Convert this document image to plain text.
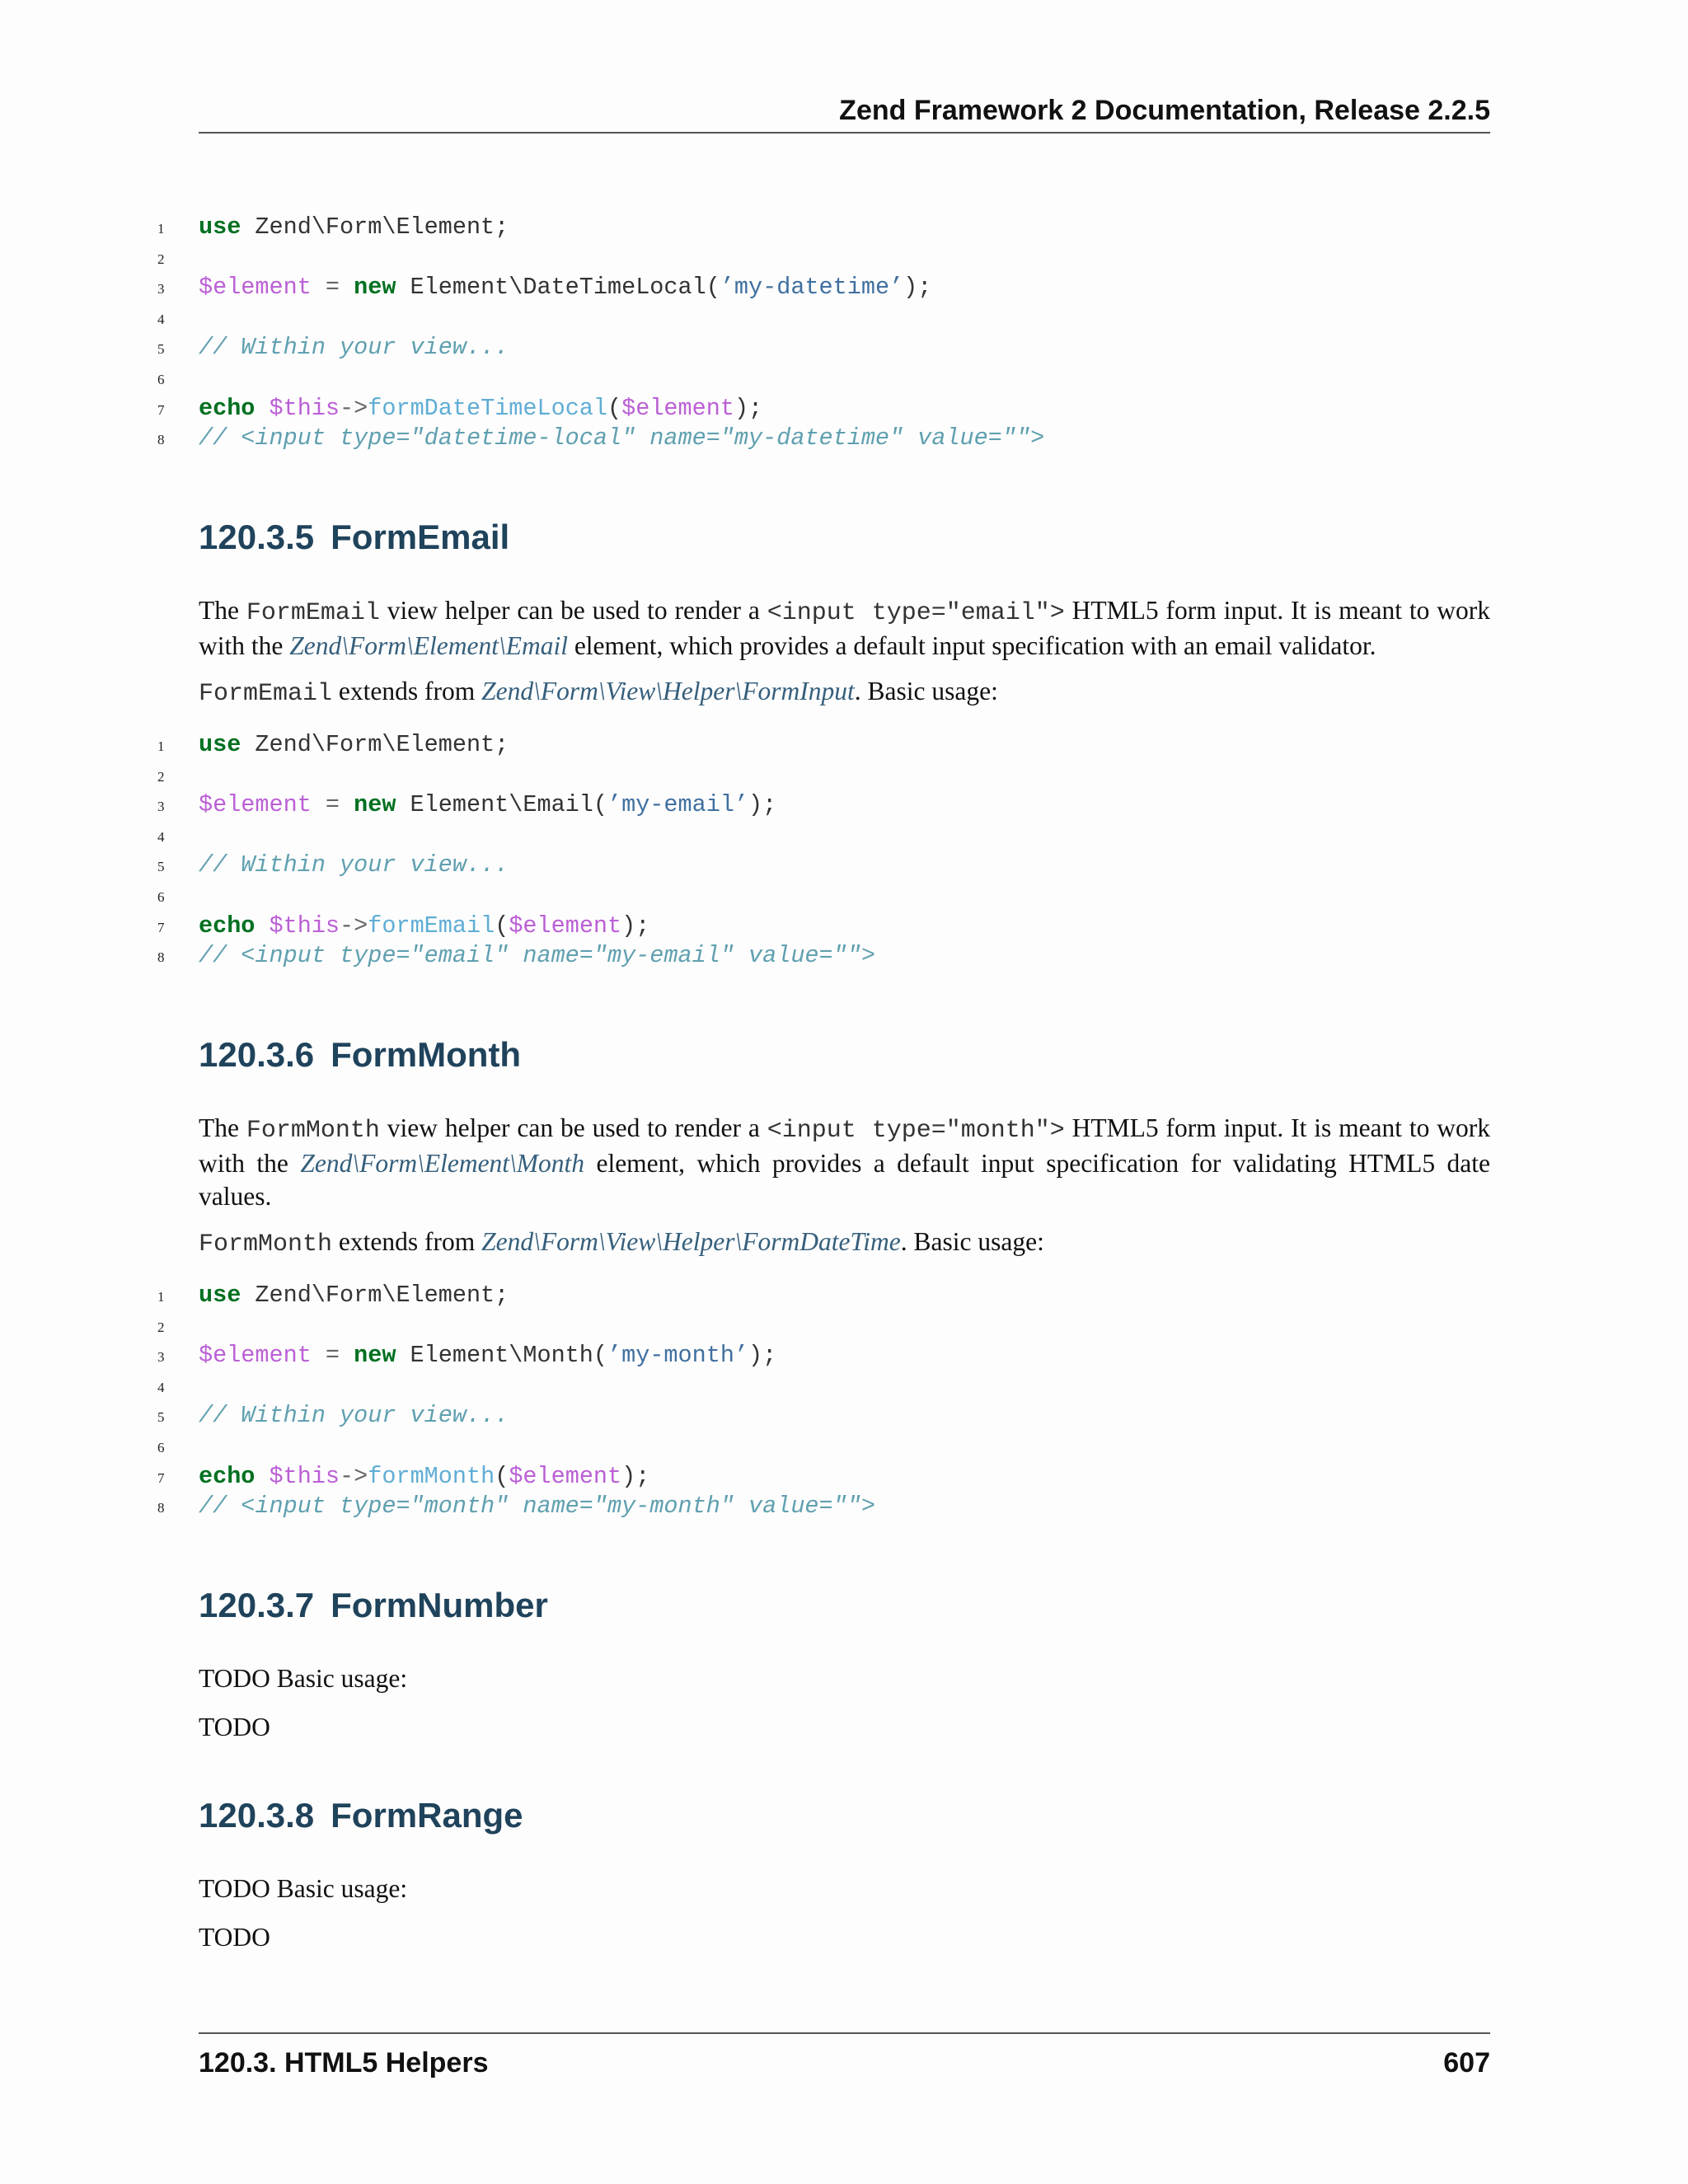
Zend Framework 2 Documentation, Release 2.2.5
1	use Zend\Form\Element;
2
3	$element = new Element\DateTimeLocal(’my-datetime’);
4
5	// Within your view...
6
7	echo $this->formDateTimeLocal($element);
8	// <input type="datetime-local" name="my-datetime" value="">
120.3.5 FormEmail
The FormEmail view helper can be used to render a <input type="email"> HTML5 form input. It is meant to work with the Zend\Form\Element\Email element, which provides a default input specification with an email validator.
FormEmail extends from Zend\Form\View\Helper\FormInput. Basic usage:
1	use Zend\Form\Element;
2
3	$element = new Element\Email(’my-email’);
4
5	// Within your view...
6
7	echo $this->formEmail($element);
8	// <input type="email" name="my-email" value="">
120.3.6 FormMonth
The FormMonth view helper can be used to render a <input type="month"> HTML5 form input. It is meant to work with the Zend\Form\Element\Month element, which provides a default input specification for validating HTML5 date values.
FormMonth extends from Zend\Form\View\Helper\FormDateTime. Basic usage:
1	use Zend\Form\Element;
2
3	$element = new Element\Month(’my-month’);
4
5	// Within your view...
6
7	echo $this->formMonth($element);
8	// <input type="month" name="my-month" value="">
120.3.7 FormNumber
TODO Basic usage:
TODO
120.3.8 FormRange
TODO Basic usage:
TODO
120.3. HTML5 Helpers	607
